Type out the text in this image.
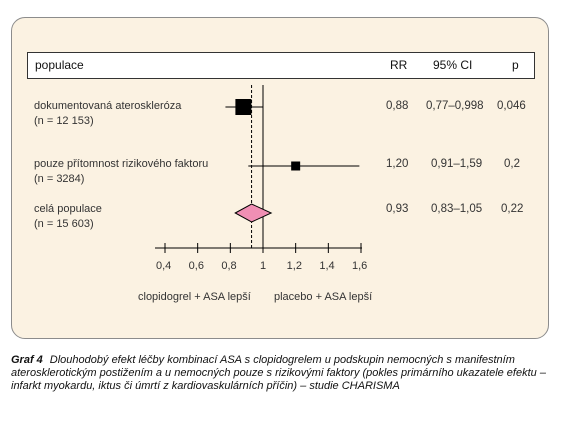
populace	RR 95% CI	p
dokumentovaná ateroskleróza
(n = 12 153)
pouze přítomnost rizikového faktoru
(n = 3284)
celá populace
(n = 15 603)
0,88 0,77–0,998 0,046
1,20 0,91–1,59 0,2
0,93 0,83–1,05 0,22
0,4 0,6 0,8 1 1,2 1,4 1,6
clopidogrel + ASA lepší placebo + ASA lepší
Graf 4 Dlouhodobý efekt léčby kombinací ASA s clopidogrelem u podskupin nemocných s manifestním aterosklerotickým postižením a u nemocných pouze s rizikovými faktory (pokles primárního ukazatele efektu – infarkt myokardu, iktus či úmrtí z kardiovaskulárních příčin) – studie CHARISMA
